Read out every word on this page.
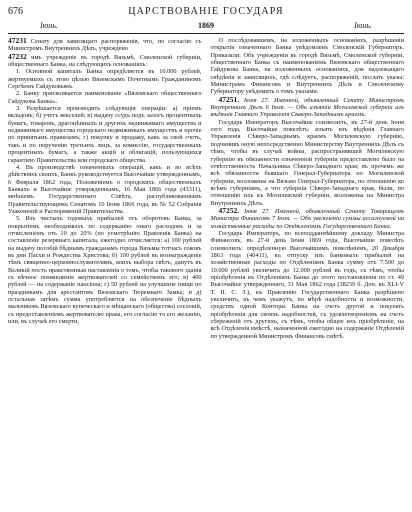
676	ЦАРСТВОВАНІЕ ГОСУДАРЯ
Іюнь.	1869	Іюнь.

47231 Сенату для зависящаго распоряженія, что, по согласію съ Министромъ Внутреннихъ Дѣлъ, учреждено

47232 имъ учрежденіе въ городѣ Вязьмѣ, Смоленской губерніи, общественнаго Банка, на слѣдующихъ основаніяхъ:

1. Основной капиталъ Банка опредѣляется въ 10.000 рублей, жертвуемыхъ съ этою цѣлью Вяземскимъ Почетнымъ Гражданиномъ Сергѣемъ Гайдуковымъ.

2. Банку присвоивается наименованіе «Вяземскаго общественнаго Гайдукова Банка».

3. Разрѣшается производить слѣдующія операціи: а) пріемъ вкладовъ; б) учетъ векселей; в) выдачу ссудъ подъ залогъ процентныхъ бумагъ, товаровъ, драгоцѣнныхъ и другихъ недвижимаго имущества и недвижимаго имущества городскаго недвижимыхъ имуществъ и прочіе по принятымъ правиламъ; г) покупку и продажу, какъ за свой счетъ, такъ и по порученію третьихъ лицъ, за комиссію, государственныхъ процентныхъ бумагъ, а также акцій и облигацій, пользующихся гарантіею Правительства или городскаго общества.

4. Въ производствѣ означенныхъ операцій, какъ и во всѣхъ дѣйствіяхъ своихъ, Банкъ руководствуется Высочайше утвержденнымъ, 6 Февраля 1862 года, Положеніемъ о городскихъ общественныхъ Банкахъ и Высочайше утвержденнымъ, 16 Мая 1866 года (43311), мнѣніемъ Государственнаго Совѣта, распубликованнымъ Правительствующимъ Сенатомъ 10 Іюня 1866 года, въ № 52 Собранія Узаконеній и Распоряженій Правительства.

5. Изъ чистыхъ годовыхъ прибылей отъ оборотовъ Банка, за покрытіемъ необходимыхъ по содержанію онаго расходовъ и за отчисленіемъ отъ 10 до 20% (по усмотрѣнію Правленія Банка) на составленіе резервнаго капитала, ежегодно отчисляется: а) 100 рублей на выдачу пособій бѣднымъ гражданамъ города Вязьмы тотчасъ соковъ въ дни Пасхи и Рождества Христова; б) 100 рублей въ вознагражденіе тѣмъ священно-церковнослужителямъ, коихъ выбора свѣтъ, данутъ въ Великій постъ нравственныя наставленія о томъ, чтобы такового зданія съ вѣчное помяновеніе жертвователей со семействомъ его; в) 400 рублей — на содержаніе пансіона; г) 50 рублей на улучшеніе пищи по праздникамъ для арестантовъ Вяземскаго Тюремнаго Замка; и д) остальная затѣмъ сумма употребляется на обезпеченіе бѣдныхъ мальчиковъ Вяземскаго купеческаго и мѣщанскаго (общества) сословій, съ предоставленіемъ жертвователю права, его согласію то его желанію, или, въ случаѣ его смерти,

О послѣдовавшемъ, на изложенныхъ основаніяхъ, разрѣшеніи открытія означеннаго Банка увѣдомленъ Смоленскій Губернаторъ. Приказали: Объ учрежденіи въ городѣ Вязьмѣ, Смоленской губерніи, общественнаго Банка съ наименованіемъ Вяземскаго общественнаго Гайдукова Банка, на изложенныхъ основаніяхъ, для надлежащаго свѣдѣнія и зависящихъ, гдѣ слѣдуетъ, распоряженій, послать указы: Министрамъ Финансовъ и Внутреннихъ Дѣлъ и Смоленскому Губернатору увѣдомить о томъ указами.

47251. Іюня 27. Именной, объявленный Сенату Министромъ Внутреннихъ Дѣлъ 6 Іюля. — Объ изъятіи Могилевской губерніи изъ вѣдѣнія Главнаго Управленія Сѣверо-Западнымъ краемъ.

Государь Императоръ Высочайше соизволилъ, въ 27-й день Іюня сего года, Высочайше повелѣть: изъять изъ вѣдѣнія Главнаго Управленія Сѣверо-Западнымъ краемъ Могилевскую губернію, подчинивъ оную непосредственно Министерству Внутреннихъ Дѣлъ съ тѣмъ, чтобы въ случаѣ войны, распространявшей Могилевскую губернію въ обязанности означенной губерніи предоставлено было на отвѣтственность Начальника Сѣверо-Западнаго края; въ прочемъ же всѣ обязанности бывшаго Генерал-Губернатора по Могилевской губерніи, возложены на Вязьмо Генерал-Губернатора, по отношенію ко всѣмъ губерніямъ, а что губерніи Сѣверо-Западнаго края, были, по отношенію ихъ къ Могилевской губерніи, возложены на Министра Внутреннихъ Дѣлъ.

47252. Іюня 27. Именной, объявленный Сенату Товарищемъ Министра Финансовъ 7 Іюля. — Объ увеличеніи суммы ассигнуемой на хозяйственные расходы по Отдѣленіямъ Государственнаго Банка.

Государь Императоръ, по всеподданнѣйшему докладу Министра Финансовъ, въ 27-й день Іюня 1869 года, Высочайше повелѣть соизволилъ: опредѣленную Высочайшимъ повелѣніемъ, 20 Декабря 1863 года (40411), къ отпуску изъ банковыхъ прибылей на хозяйственные расходы по Отдѣленіямъ Банка сумму отъ 7.500 до 10.000 рублей увеличить до 12.000 рублей въ годъ, съ тѣмъ, чтобы пріобрѣтенія въ Отдѣленіяхъ Банка до этого постановленія по ст. 49 Высочайше утвержденнаго, 31 Мая 1862 года (38239 б. Доп. къ XLI-V Т. II. С. З.), къ Правленію Государственнаго Банка разрѣшено увеличить, въ чемъ укажутъ, по мѣрѣ надобности и возможности, средствъ одной Конторы Банка на счетъ другой и покупать пріобрѣтенія для своихъ надобностей, съ удовлетвореніемъ на счетъ сбереженій отъ другихъ, съ тѣмъ, чтобы общее ихъ пріобрѣтеніе, на всѣ Отдѣленія вмѣстѣ, назначенной ежегодно на содержаніе Отдѣленій по утвержденной Министромъ Финансовъ смѣтѣ.
